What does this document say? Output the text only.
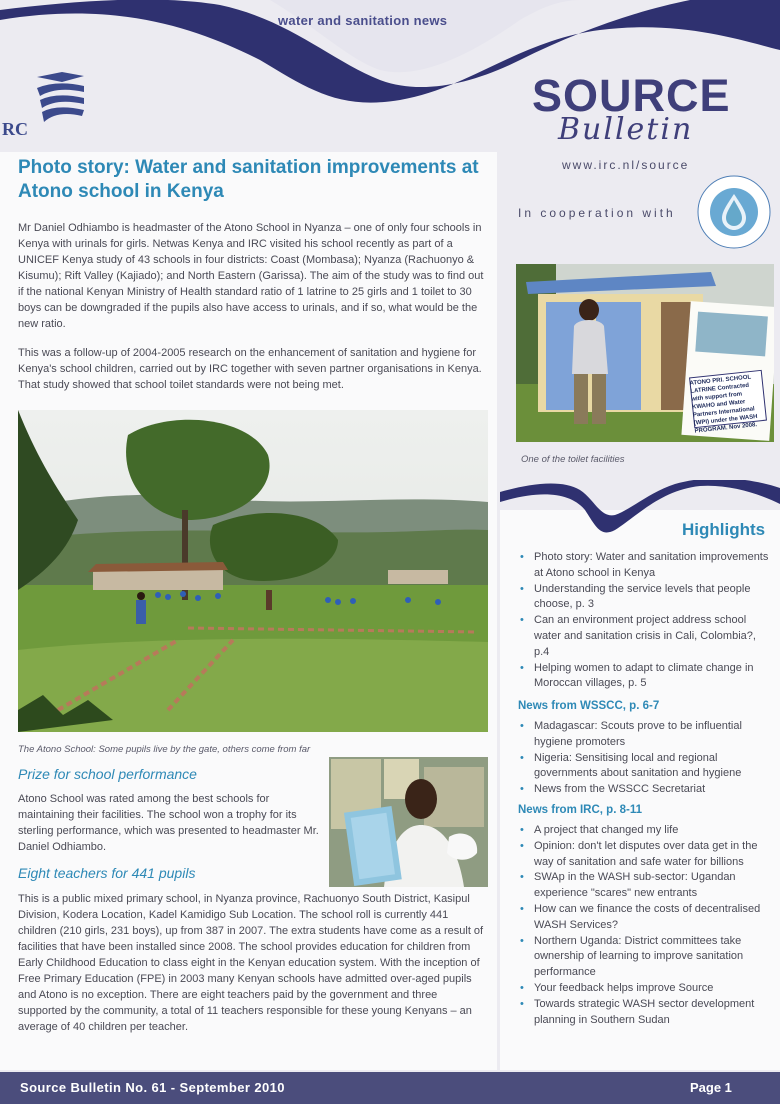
water and sanitation news
RC
SOURCE
Bulletin
www.irc.nl/source
In cooperation with
Photo story: Water and sanitation improvements at Atono school in Kenya
Mr Daniel Odhiambo is headmaster of the Atono School in Nyanza – one of only four schools in Kenya with urinals for girls. Netwas Kenya and IRC visited his school recently as part of a UNICEF Kenya study of 43 schools in four districts: Coast (Mombasa); Nyanza (Rachuonyo & Kisumu); Rift Valley (Kajiado); and North Eastern (Garissa). The aim of the study was to find out if the national Kenyan Ministry of Health standard ratio of 1 latrine to 25 girls and 1 toilet to 30 boys can be downgraded if the pupils also have access to urinals, and if so, what would be the new ratio.
This was a follow-up of 2004-2005 research on the enhancement of sanitation and hygiene for Kenya's school children, carried out by IRC together with seven partner organisations in Kenya. That study showed that school toilet standards were not being met.
The Atono School: Some pupils live by the gate, others come from far
Prize for school performance
Atono School was rated among the best schools for maintaining their facilities. The school won a trophy for its sterling performance, which was presented to headmaster Mr. Daniel Odhiambo.
Eight teachers for 441 pupils
This is a public mixed primary school, in Nyanza province, Rachuonyo South District, Kasipul Division, Kodera Location, Kadel Kamidigo Sub Location. The school roll is currently 441 children (210 girls, 231 boys), up from 387 in 2007. The extra students have come as a result of facilities that have been installed since 2008. The school provides education for children from Early Childhood Education to class eight in the Kenyan education system. With the inception of Free Primary Education (FPE) in 2003 many Kenyan schools have admitted over-aged pupils and Atono is no exception. There are eight teachers paid by the government and three supported by the community, a total of 11 teachers responsible for these young Kenyans – an average of 40 children per teacher.
ATONO PRI. SCHOOL LATRINE Contracted with support from KWAHO and Water Partners International (WPI) under the WASH PROGRAM. Nov 2008.
One of the toilet facilities
Highlights
• Photo story: Water and sanitation improvements at Atono school in Kenya
• Understanding the service levels that people choose, p. 3
• Can an environment project address school water and sanitation crisis in Cali, Colombia?, p.4
• Helping women to adapt to climate change in Moroccan villages, p. 5
News from WSSCC, p. 6-7
• Madagascar: Scouts prove to be influential hygiene promoters
• Nigeria: Sensitising local and regional governments about sanitation and hygiene
• News from the WSSCC Secretariat
News from IRC, p. 8-11
• A project that changed my life
• Opinion: don't let disputes over data get in the way of sanitation and safe water for billions
• SWAp in the WASH sub-sector: Ugandan experience "scares" new entrants
• How can we finance the costs of decentralised WASH Services?
• Northern Uganda: District committees take ownership of learning to improve sanitation performance
• Your feedback helps improve Source
• Towards strategic WASH sector development planning in Southern Sudan
Source Bulletin No. 61 - September 2010	Page 1
